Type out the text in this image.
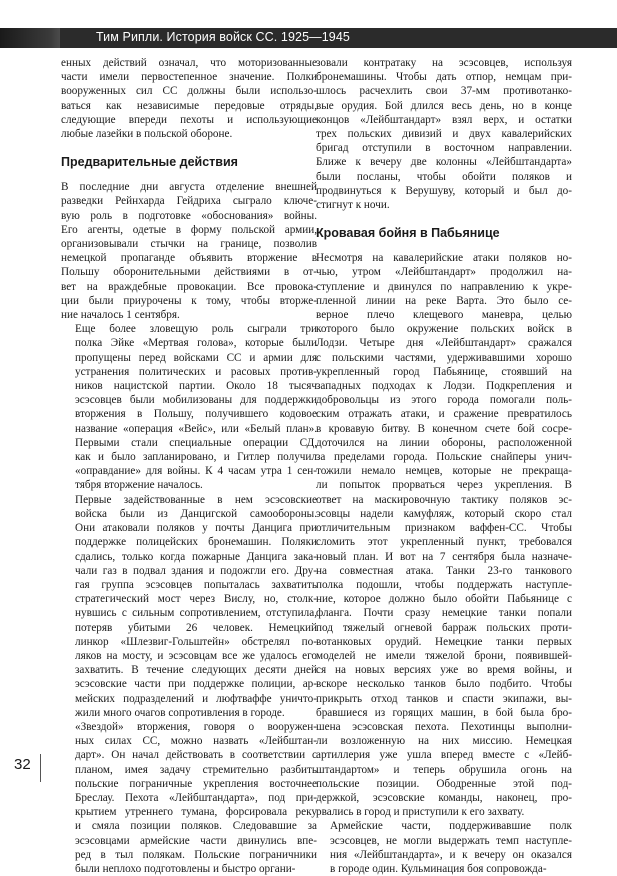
Тим Рипли. История войск СС. 1925—1945
енных действий означал, что моторизованные
части имели первостепенное значение. Полки
вооруженных сил СС должны были использо-
ваться как независимые передовые отряды,
следующие впереди пехоты и использующие
любые лазейки в польской обороне.
Предварительные действия
В последние дни августа отделение внешней
разведки Рейнхарда Гейдриха сыграло ключе-
вую роль в подготовке «обоснования» войны.
Его агенты, одетые в форму польской армии,
организовывали стычки на границе, позволив
немецкой пропаганде объявить вторжение в
Польшу оборонительными действиями в от-
вет на враждебные провокации. Все провока-
ции были приурочены к тому, чтобы вторже-
ние началось 1 сентября.
Еще более зловещую роль сыграли три
полка Эйке «Мертвая голова», которые были
пропущены перед войсками СС и армии для
устранения политических и расовых против-
ников нацистской партии. Около 18 тысяч
эсэсовцев были мобилизованы для поддержки
вторжения в Польшу, получившего кодовое
название «операция «Вейс», или «Белый план».
Первыми стали специальные операции СД,
как и было запланировано, и Гитлер получил
«оправдание» для войны. К 4 часам утра 1 сен-
тября вторжение началось.
Первые задействованные в нем эсэсовские
войска были из Данцигской самообороны.
Они атаковали поляков у почты Данцига при
поддержке полицейских бронемашин. Поляки
сдались, только когда пожарные Данцига зака-
чали газ в подвал здания и подожгли его. Дру-
гая группа эсэсовцев попыталась захватить
стратегический мост через Вислу, но, столк-
нувшись с сильным сопротивлением, отступила,
потеряв убитыми 26 человек. Немецкий
линкор «Шлезвиг-Гольштейн» обстрелял по-
ляков на мосту, и эсэсовцам все же удалось его
захватить. В течение следующих десяти дней
эсэсовские части при поддержке полиции, ар-
мейских подразделений и люфтваффе уничто-
жили много очагов сопротивления в городе.
«Звездой» вторжения, говоря о вооружен-
ных силах СС, можно назвать «Лейбштан-
дарт». Он начал действовать в соответствии с
планом, имея задачу стремительно разбить
польские пограничные укрепления восточнее
Бреслау. Пехота «Лейбштандарта», под при-
крытием утреннего тумана, форсировала реку
и смяла позиции поляков. Следовавшие за
эсэсовцами армейские части двинулись впе-
ред в тыл полякам. Польские пограничники
были неплохо подготовлены и быстро органи-
зовали контратаку на эсэсовцев, используя
бронемашины. Чтобы дать отпор, немцам при-
шлось расчехлить свои 37-мм противотанко-
вые орудия. Бой длился весь день, но в конце
концов «Лейбштандарт» взял верх, и остатки
трех польских дивизий и двух кавалерийских
бригад отступили в восточном направлении.
Ближе к вечеру две колонны «Лейбштандарта»
были посланы, чтобы обойти поляков и
продвинуться к Верушуву, который и был до-
стигнут к ночи.
Кровавая бойня в Пабьянице
Несмотря на кавалерийские атаки поляков но-
чью, утром «Лейбштандарт» продолжил на-
ступление и двинулся по направлению к укре-
пленной линии на реке Варта. Это было се-
верное плечо клещевого маневра, целью
которого было окружение польских войск в
Лодзи. Четыре дня «Лейбштандарт» сражался
с польскими частями, удерживавшими хорошо
укрепленный город Пабьянице, стоявший на
западных подходах к Лодзи. Подкрепления и
добровольцы из этого города помогали поль-
ским отражать атаки, и сражение превратилось
в кровавую битву. В конечном счете бой сосре-
доточился на линии обороны, расположенной
за пределами города. Польские снайперы унич-
тожили немало немцев, которые не прекраща-
ли попыток прорваться через укрепления. В
ответ на маскировочную тактику поляков эс-
эсовцы надели камуфляж, который скоро стал
отличительным признаком ваффен-СС. Чтобы
сломить этот укрепленный пункт, требовался
новый план. И вот на 7 сентября была назначе-
на совместная атака. Танки 23-го танкового
полка подошли, чтобы поддержать наступле-
ние, которое должно было обойти Пабьянице с
фланга. Почти сразу немецкие танки попали
под тяжелый огневой барраж польских проти-
вотанковых орудий. Немецкие танки первых
моделей не имели тяжелой брони, появившей-
ся на новых версиях уже во время войны, и
вскоре несколько танков было подбито. Чтобы
прикрыть отход танков и спасти экипажи, вы-
бравшиеся из горящих машин, в бой была бро-
шена эсэсовская пехота. Пехотинцы выполни-
ли возложенную на них миссию. Немецкая
артиллерия уже ушла вперед вместе с «Лейб-
штандартом» и теперь обрушила огонь на
польские позиции. Ободренные этой под-
держкой, эсэсовские команды, наконец, про-
рвались в город и приступили к его захвату.
Армейские части, поддерживавшие полк
эсэсовцев, не могли выдержать темп наступле-
ния «Лейбштандарта», и к вечеру он оказался
в городе один. Кульминация боя сопровожда-
32
